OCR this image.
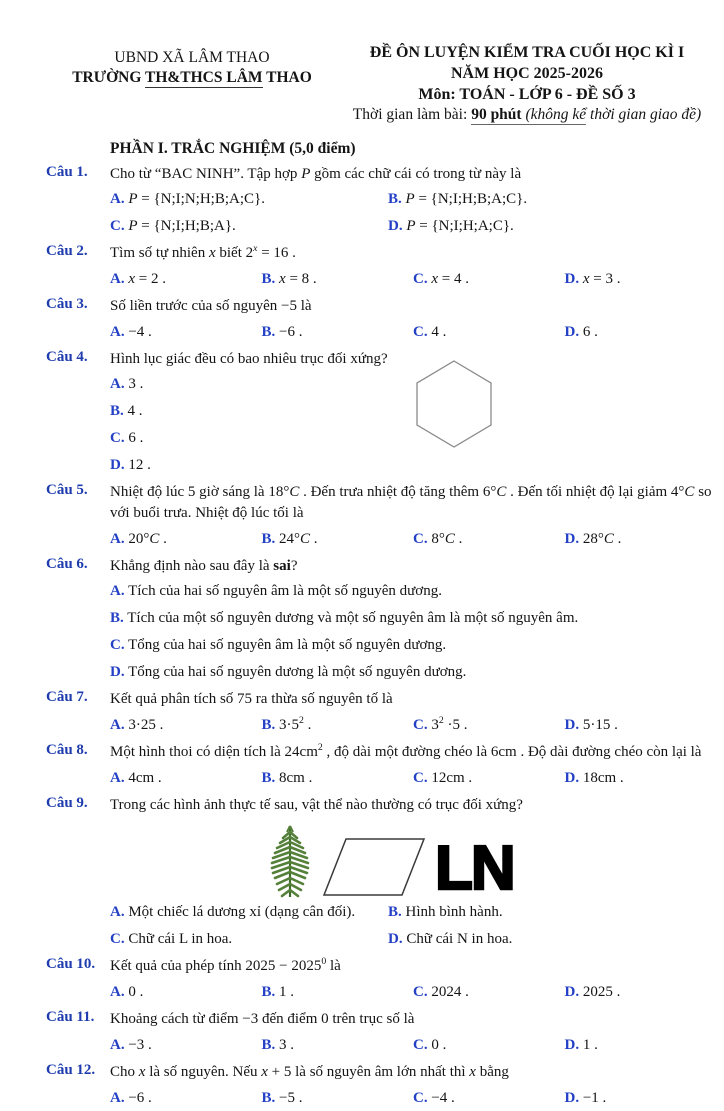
UBND XÃ LÂM THAO
TRƯỜNG TH&THCS LÂM THAO
ĐỀ ÔN LUYỆN KIỂM TRA CUỐI HỌC KÌ I
NĂM HỌC 2025-2026
Môn: TOÁN - LỚP 6 - ĐỀ SỐ 3
Thời gian làm bài: 90 phút (không kể thời gian giao đề)
PHẦN I. TRẮC NGHIỆM (5,0 điểm)
Câu 1.	Cho từ “BAC NINH”. Tập hợp P gồm các chữ cái có trong từ này là
A. P = {N;I;N;H;B;A;C}.	B. P = {N;I;H;B;A;C}.
C. P = {N;I;H;B;A}.	D. P = {N;I;H;A;C}.
Câu 2.	Tìm số tự nhiên x biết $2^x = 16$ .
A. x = 2 .	B. x = 8 .	C. x = 4 .	D. x = 3 .
Câu 3.	Số liền trước của số nguyên −5 là
A. −4 .	B. −6 .	C. 4 .	D. 6 .
Câu 4.	Hình lục giác đều có bao nhiêu trục đối xứng?
A. 3 .
B. 4 .
C. 6 .
D. 12 .
Câu 5.	Nhiệt độ lúc 5 giờ sáng là 18°C . Đến trưa nhiệt độ tăng thêm 6°C . Đến tối nhiệt độ lại giảm 4°C so với buổi trưa. Nhiệt độ lúc tối là
A. 20°C .	B. 24°C .	C. 8°C .	D. 28°C .
Câu 6.	Khẳng định nào sau đây là sai?
A. Tích của hai số nguyên âm là một số nguyên dương.
B. Tích của một số nguyên dương và một số nguyên âm là một số nguyên âm.
C. Tổng của hai số nguyên âm là một số nguyên dương.
D. Tổng của hai số nguyên dương là một số nguyên dương.
Câu 7.	Kết quả phân tích số 75 ra thừa số nguyên tố là
A. 3·25 .	B. $3\cdot 5^2$ .	C. $3^2 \cdot 5$ .	D. 5·15 .
Câu 8.	Một hình thoi có diện tích là $24cm^2$ , độ dài một đường chéo là 6cm . Độ dài đường chéo còn lại là
A. 4cm .	B. 8cm .	C. 12cm .	D. 18cm .
Câu 9.	Trong các hình ảnh thực tế sau, vật thể nào thường có trục đối xứng?
LN
A. Một chiếc lá dương xỉ (dạng cân đối).	B. Hình bình hành.
C. Chữ cái L in hoa.	D. Chữ cái N in hoa.
Câu 10. Kết quả của phép tính $2025 - 2025^0$ là
A. 0 .	B. 1 .	C. 2024 .	D. 2025 .
Câu 11.	Khoảng cách từ điểm −3 đến điểm 0 trên trục số là
A. −3 .	B. 3 .	C. 0 .	D. 1 .
Câu 12. Cho x là số nguyên. Nếu x + 5 là số nguyên âm lớn nhất thì x bằng
A. −6 .	B. −5 .	C. −4 .	D. −1 .
